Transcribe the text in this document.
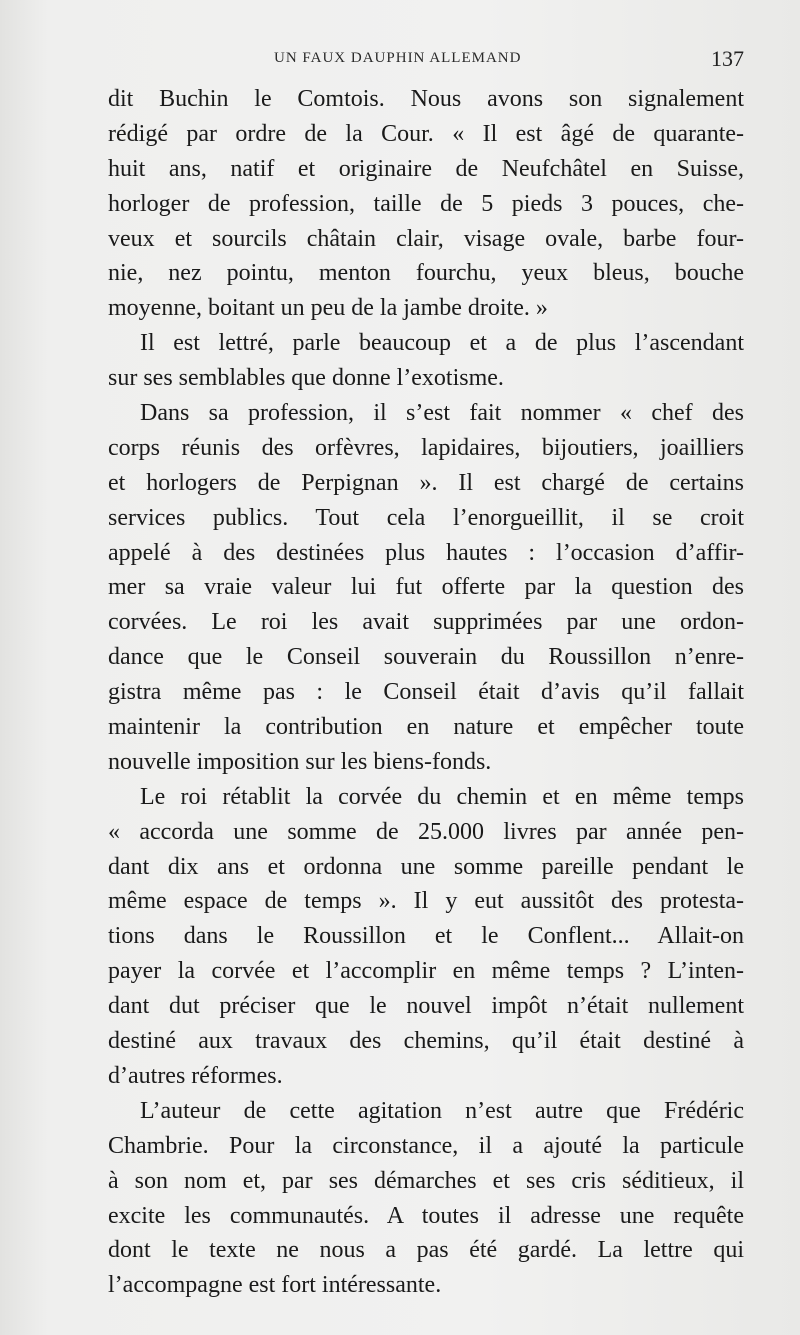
UN FAUX DAUPHIN ALLEMAND	137
dit Buchin le Comtois. Nous avons son signalement
rédigé par ordre de la Cour. « Il est âgé de quarante-
huit ans, natif et originaire de Neufchâtel en Suisse,
horloger de profession, taille de 5 pieds 3 pouces, che-
veux et sourcils châtain clair, visage ovale, barbe four-
nie, nez pointu, menton fourchu, yeux bleus, bouche
moyenne, boitant un peu de la jambe droite. »
Il est lettré, parle beaucoup et a de plus l’ascendant
sur ses semblables que donne l’exotisme.
Dans sa profession, il s’est fait nommer « chef des
corps réunis des orfèvres, lapidaires, bijoutiers, joailliers
et horlogers de Perpignan ». Il est chargé de certains
services publics. Tout cela l’enorgueillit, il se croit
appelé à des destinées plus hautes : l’occasion d’affir-
mer sa vraie valeur lui fut offerte par la question des
corvées. Le roi les avait supprimées par une ordon-
dance que le Conseil souverain du Roussillon n’enre-
gistra même pas : le Conseil était d’avis qu’il fallait
maintenir la contribution en nature et empêcher toute
nouvelle imposition sur les biens-fonds.
Le roi rétablit la corvée du chemin et en même temps
« accorda une somme de 25.000 livres par année pen-
dant dix ans et ordonna une somme pareille pendant le
même espace de temps ». Il y eut aussitôt des protesta-
tions dans le Roussillon et le Conflent... Allait-on
payer la corvée et l’accomplir en même temps ? L’inten-
dant dut préciser que le nouvel impôt n’était nullement
destiné aux travaux des chemins, qu’il était destiné à
d’autres réformes.
L’auteur de cette agitation n’est autre que Frédéric
Chambrie. Pour la circonstance, il a ajouté la particule
à son nom et, par ses démarches et ses cris séditieux, il
excite les communautés. A toutes il adresse une requête
dont le texte ne nous a pas été gardé. La lettre qui
l’accompagne est fort intéressante.
